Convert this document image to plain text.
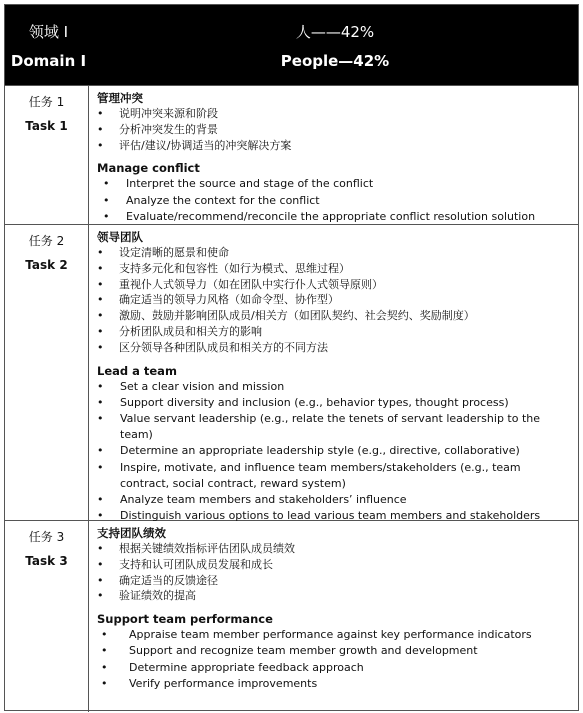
领域 I
Domain I
人——42%
People—42%
任务 1
Task 1
管理冲突
• 说明冲突来源和阶段
• 分析冲突发生的背景
• 评估/建议/协调适当的冲突解决方案
Manage conflict
• Interpret the source and stage of the conflict
• Analyze the context for the conflict
• Evaluate/recommend/reconcile the appropriate conflict resolution solution
任务 2
Task 2
领导团队
• 设定清晰的愿景和使命
• 支持多元化和包容性（如行为模式、思维过程）
• 重视仆人式领导力（如在团队中实行仆人式领导原则）
• 确定适当的领导力风格（如命令型、协作型）
• 激励、鼓励并影响团队成员/相关方（如团队契约、社会契约、奖励制度）
• 分析团队成员和相关方的影响
• 区分领导各种团队成员和相关方的不同方法
Lead a team
• Set a clear vision and mission
• Support diversity and inclusion (e.g., behavior types, thought process)
• Value servant leadership (e.g., relate the tenets of servant leadership to the team)
• Determine an appropriate leadership style (e.g., directive, collaborative)
• Inspire, motivate, and influence team members/stakeholders (e.g., team contract, social contract, reward system)
• Analyze team members and stakeholders’ influence
• Distinguish various options to lead various team members and stakeholders
任务 3
Task 3
支持团队绩效
• 根据关键绩效指标评估团队成员绩效
• 支持和认可团队成员发展和成长
• 确定适当的反馈途径
• 验证绩效的提高
Support team performance
• Appraise team member performance against key performance indicators
• Support and recognize team member growth and development
• Determine appropriate feedback approach
• Verify performance improvements
